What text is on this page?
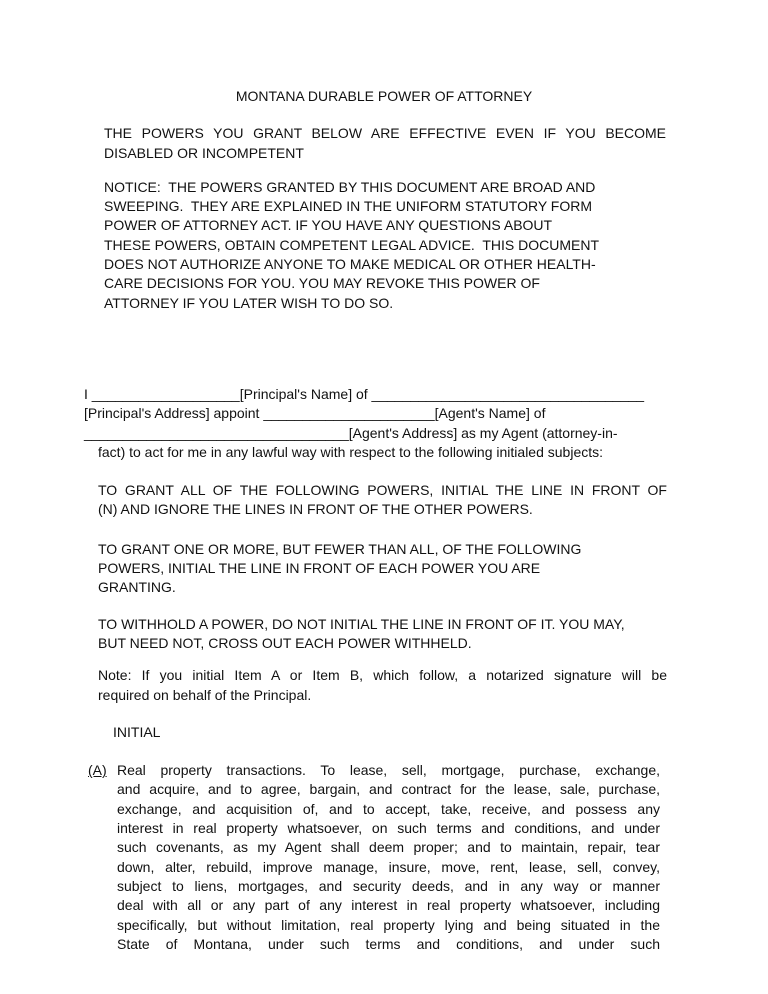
MONTANA DURABLE POWER OF ATTORNEY
THE POWERS YOU GRANT BELOW ARE EFFECTIVE EVEN IF YOU BECOME
DISABLED OR INCOMPETENT
NOTICE:  THE POWERS GRANTED BY THIS DOCUMENT ARE BROAD AND
SWEEPING.  THEY ARE EXPLAINED IN THE UNIFORM STATUTORY FORM
POWER OF ATTORNEY ACT. IF YOU HAVE ANY QUESTIONS ABOUT
THESE POWERS, OBTAIN COMPETENT LEGAL ADVICE.  THIS DOCUMENT
DOES NOT AUTHORIZE ANYONE TO MAKE MEDICAL OR OTHER HEALTH-
CARE DECISIONS FOR YOU. YOU MAY REVOKE THIS POWER OF
ATTORNEY IF YOU LATER WISH TO DO SO.
I ___________________[Principal's Name] of ___________________________________
[Principal's Address] appoint ______________________[Agent's Name] of
__________________________________[Agent's Address] as my Agent (attorney-in-
fact) to act for me in any lawful way with respect to the following initialed subjects:
TO GRANT ALL OF THE FOLLOWING POWERS, INITIAL THE LINE IN FRONT OF
(N) AND IGNORE THE LINES IN FRONT OF THE OTHER POWERS.
TO GRANT ONE OR MORE, BUT FEWER THAN ALL, OF THE FOLLOWING
POWERS, INITIAL THE LINE IN FRONT OF EACH POWER YOU ARE
GRANTING.
TO WITHHOLD A POWER, DO NOT INITIAL THE LINE IN FRONT OF IT. YOU MAY,
BUT NEED NOT, CROSS OUT EACH POWER WITHHELD.
Note: If you initial Item A or Item B, which follow, a notarized signature will be
required on behalf of the Principal.
INITIAL
(A) Real property transactions. To lease, sell, mortgage, purchase, exchange,
and acquire, and to agree, bargain, and contract for the lease, sale, purchase,
exchange, and acquisition of, and to accept, take, receive, and possess any
interest in real property whatsoever, on such terms and conditions, and under
such covenants, as my Agent shall deem proper; and to maintain, repair, tear
down, alter, rebuild, improve manage, insure, move, rent, lease, sell, convey,
subject to liens, mortgages, and security deeds, and in any way or manner
deal with all or any part of any interest in real property whatsoever, including
specifically, but without limitation, real property lying and being situated in the
State of Montana, under such terms and conditions, and under such
